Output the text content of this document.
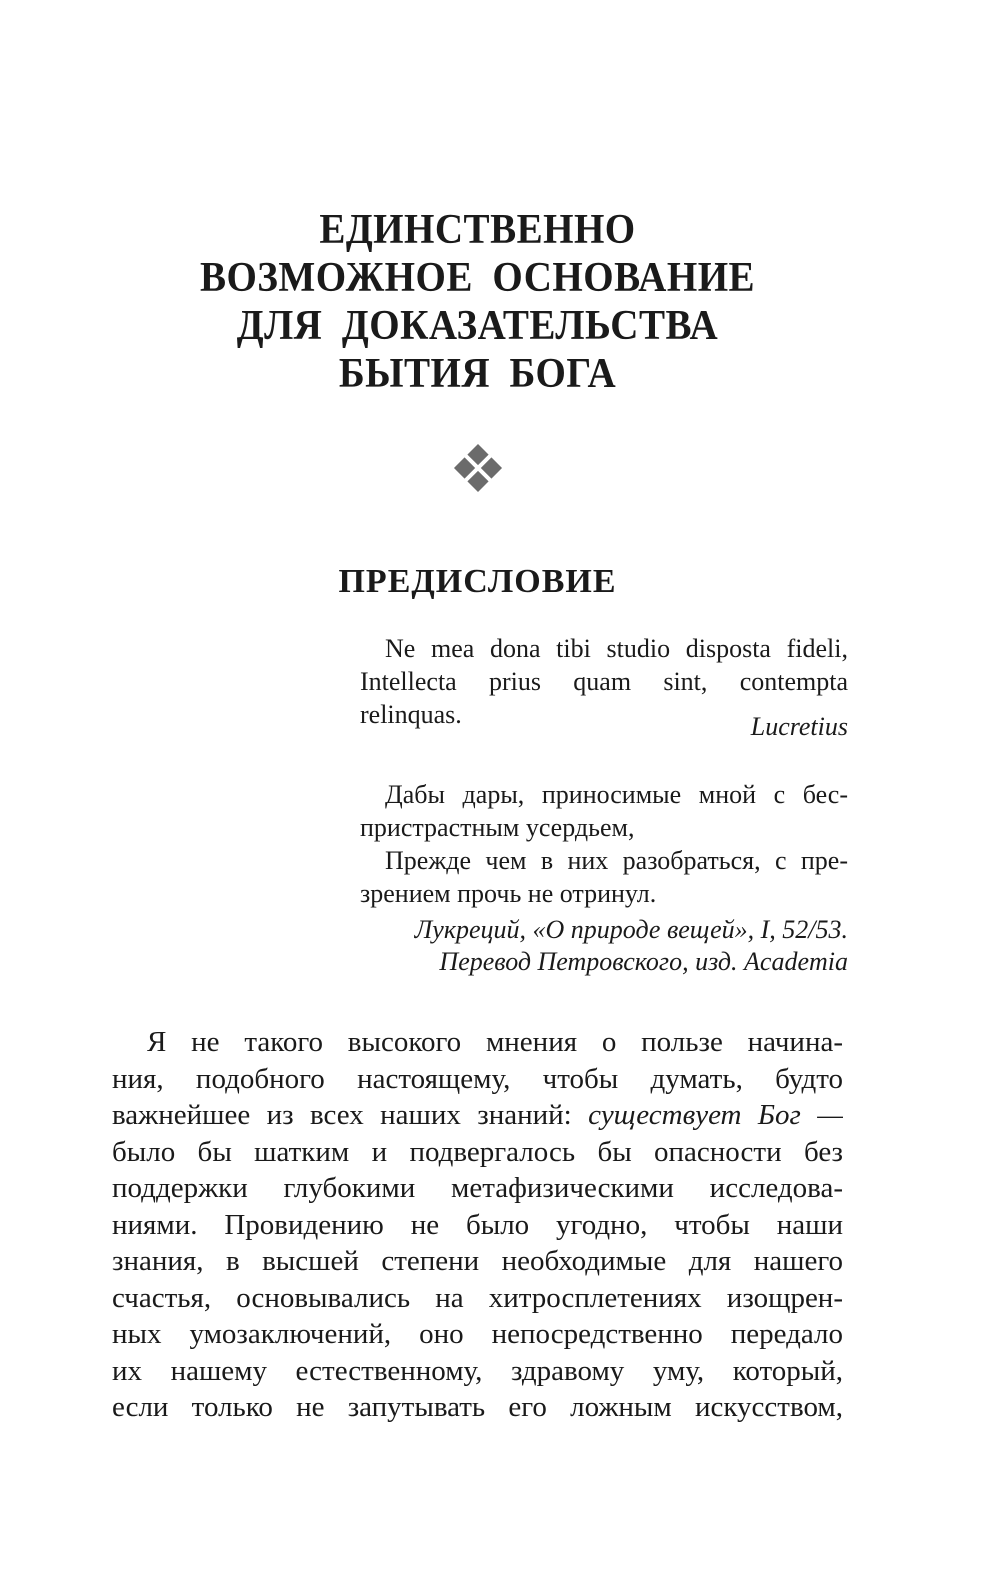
ЕДИНСТВЕННО
ВОЗМОЖНОЕ ОСНОВАНИЕ
ДЛЯ ДОКАЗАТЕЛЬСТВА
БЫТИЯ БОГА
ПРЕДИСЛОВИЕ
Ne mea dona tibi studio disposta fideli,
Intellecta prius quam sint, contempta
relinquas.	Lucretius
Дабы дары, приносимые мной с бес-
пристрастным усердьем,
Прежде чем в них разобраться, с пре-
зрением прочь не отринул.
Лукреций, «О природе вещей», I, 52/53.
Перевод Петровского, изд. Academia
Я не такого высокого мнения о пользе начина-
ния, подобного настоящему, чтобы думать, будто
важнейшее из всех наших знаний: существует Бог —
было бы шатким и подвергалось бы опасности без
поддержки глубокими метафизическими исследова-
ниями. Провидению не было угодно, чтобы наши
знания, в высшей степени необходимые для нашего
счастья, основывались на хитросплетениях изощрен-
ных умозаключений, оно непосредственно передало
их нашему естественному, здравому уму, который,
если только не запутывать его ложным искусством,
